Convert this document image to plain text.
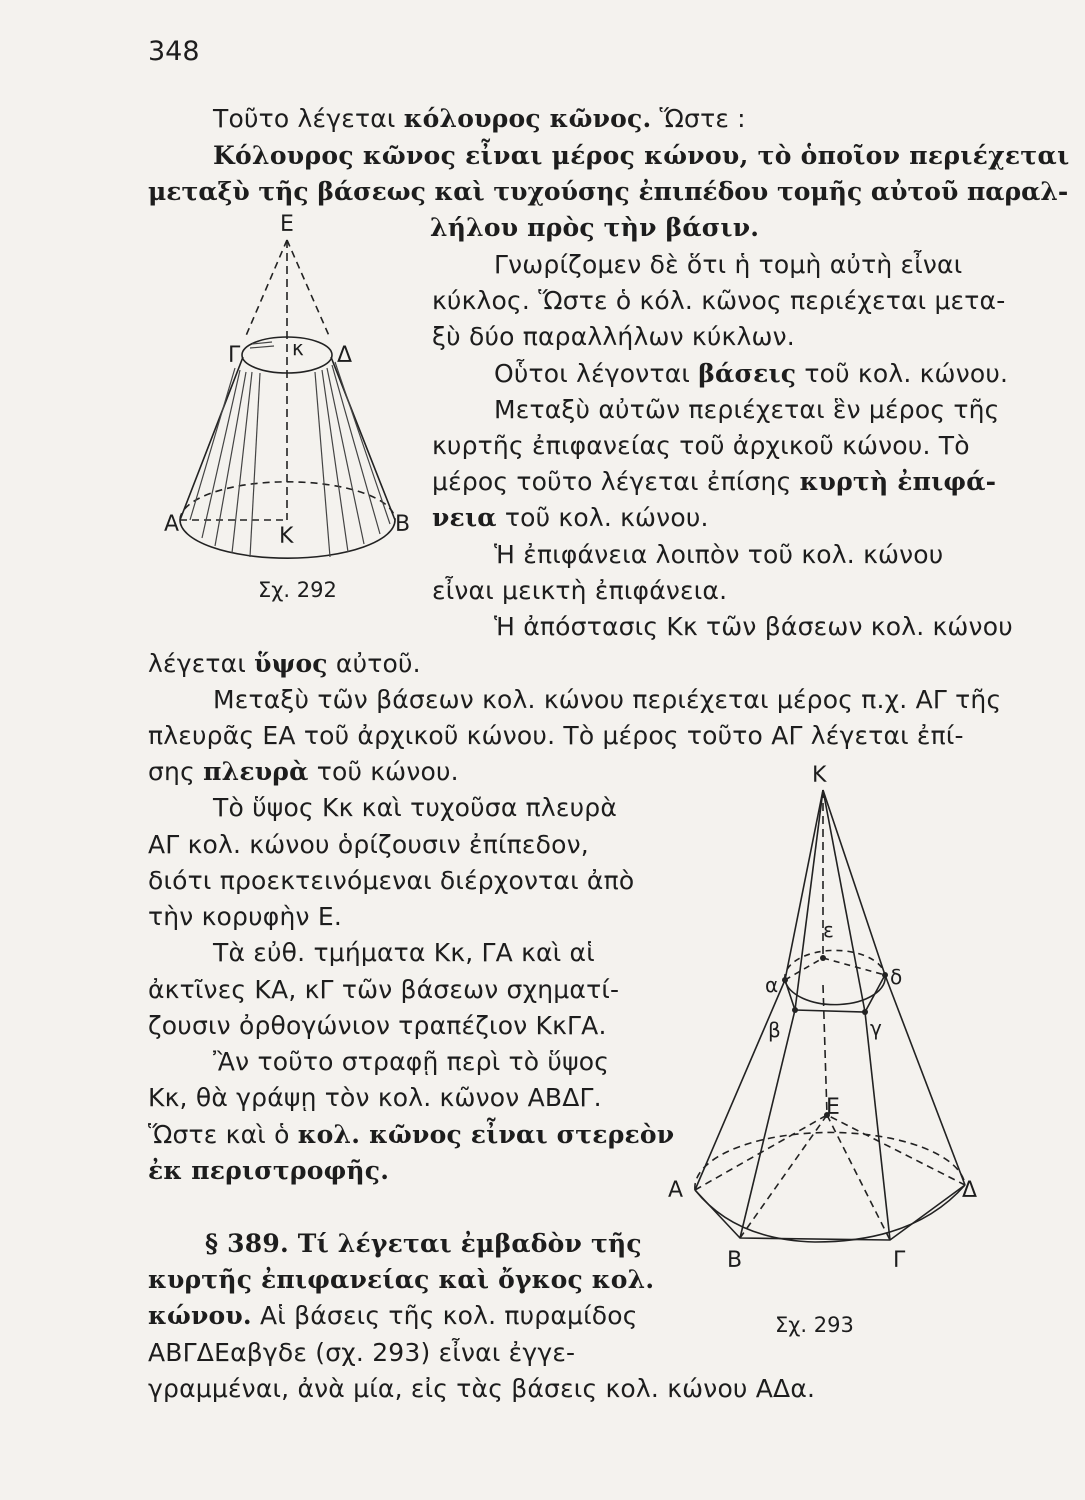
348
Τοῦτο λέγεται κόλουρος κῶνος. Ὥστε :
Κόλουρος κῶνος εἶναι μέρος κώνου, τὸ ὁποῖον περιέχεται
μεταξὺ τῆς βάσεως καὶ τυχούσης ἐπιπέδου τομῆς αὐτοῦ παραλ-
λήλου πρὸς τὴν βάσιν.
Γνωρίζομεν δὲ ὅτι ἡ τομὴ αὐτὴ εἶναι
κύκλος. Ὥστε ὁ κόλ. κῶνος περιέχεται μετα-
ξὺ δύο παραλλήλων κύκλων.
Οὗτοι λέγονται βάσεις τοῦ κολ. κώνου.
Μεταξὺ αὐτῶν περιέχεται ἓν μέρος τῆς
κυρτῆς ἐπιφανείας τοῦ ἀρχικοῦ κώνου. Τὸ
μέρος τοῦτο λέγεται ἐπίσης κυρτὴ ἐπιφά-
νεια τοῦ κολ. κώνου.
Ἡ ἐπιφάνεια λοιπὸν τοῦ κολ. κώνου
εἶναι μεικτὴ ἐπιφάνεια.
Ἡ ἀπόστασις Κκ τῶν βάσεων κολ. κώνου
λέγεται ὕψος αὐτοῦ.
Μεταξὺ τῶν βάσεων κολ. κώνου περιέχεται μέρος π.χ. ΑΓ τῆς
πλευρᾶς ΕΑ τοῦ ἀρχικοῦ κώνου. Τὸ μέρος τοῦτο ΑΓ λέγεται ἐπί-
σης πλευρὰ τοῦ κώνου.
Τὸ ὕψος Κκ καὶ τυχοῦσα πλευρὰ
ΑΓ κολ. κώνου ὁρίζουσιν ἐπίπεδον,
διότι προεκτεινόμεναι διέρχονται ἀπὸ
τὴν κορυφὴν Ε.
Τὰ εὐθ. τμήματα Κκ, ΓΑ καὶ αἱ
ἀκτῖνες ΚΑ, κΓ τῶν βάσεων σχηματί-
ζουσιν ὀρθογώνιον τραπέζιον ΚκΓΑ.
Ἂν τοῦτο στραφῇ περὶ τὸ ὕψος
Κκ, θὰ γράψῃ τὸν κολ. κῶνον ΑΒΔΓ.
Ὥστε καὶ ὁ κολ. κῶνος εἶναι στερεὸν
ἐκ περιστροφῆς.
§ 389. Τί λέγεται ἐμβαδὸν τῆς
κυρτῆς ἐπιφανείας καὶ ὄγκος κολ.
κώνου. Αἱ βάσεις τῆς κολ. πυραμίδος
ΑΒΓΔΕαβγδε (σχ. 293) εἶναι ἐγγε-
γραμμέναι, ἀνὰ μία, εἰς τὰς βάσεις κολ. κώνου ΑΔα.
Ε
Γ	Δ
κ
Α	Β
Κ
Σχ. 292
Κ
ε
α	δ
β	γ
Ε
Α	Δ
Β	Γ
Σχ. 293
